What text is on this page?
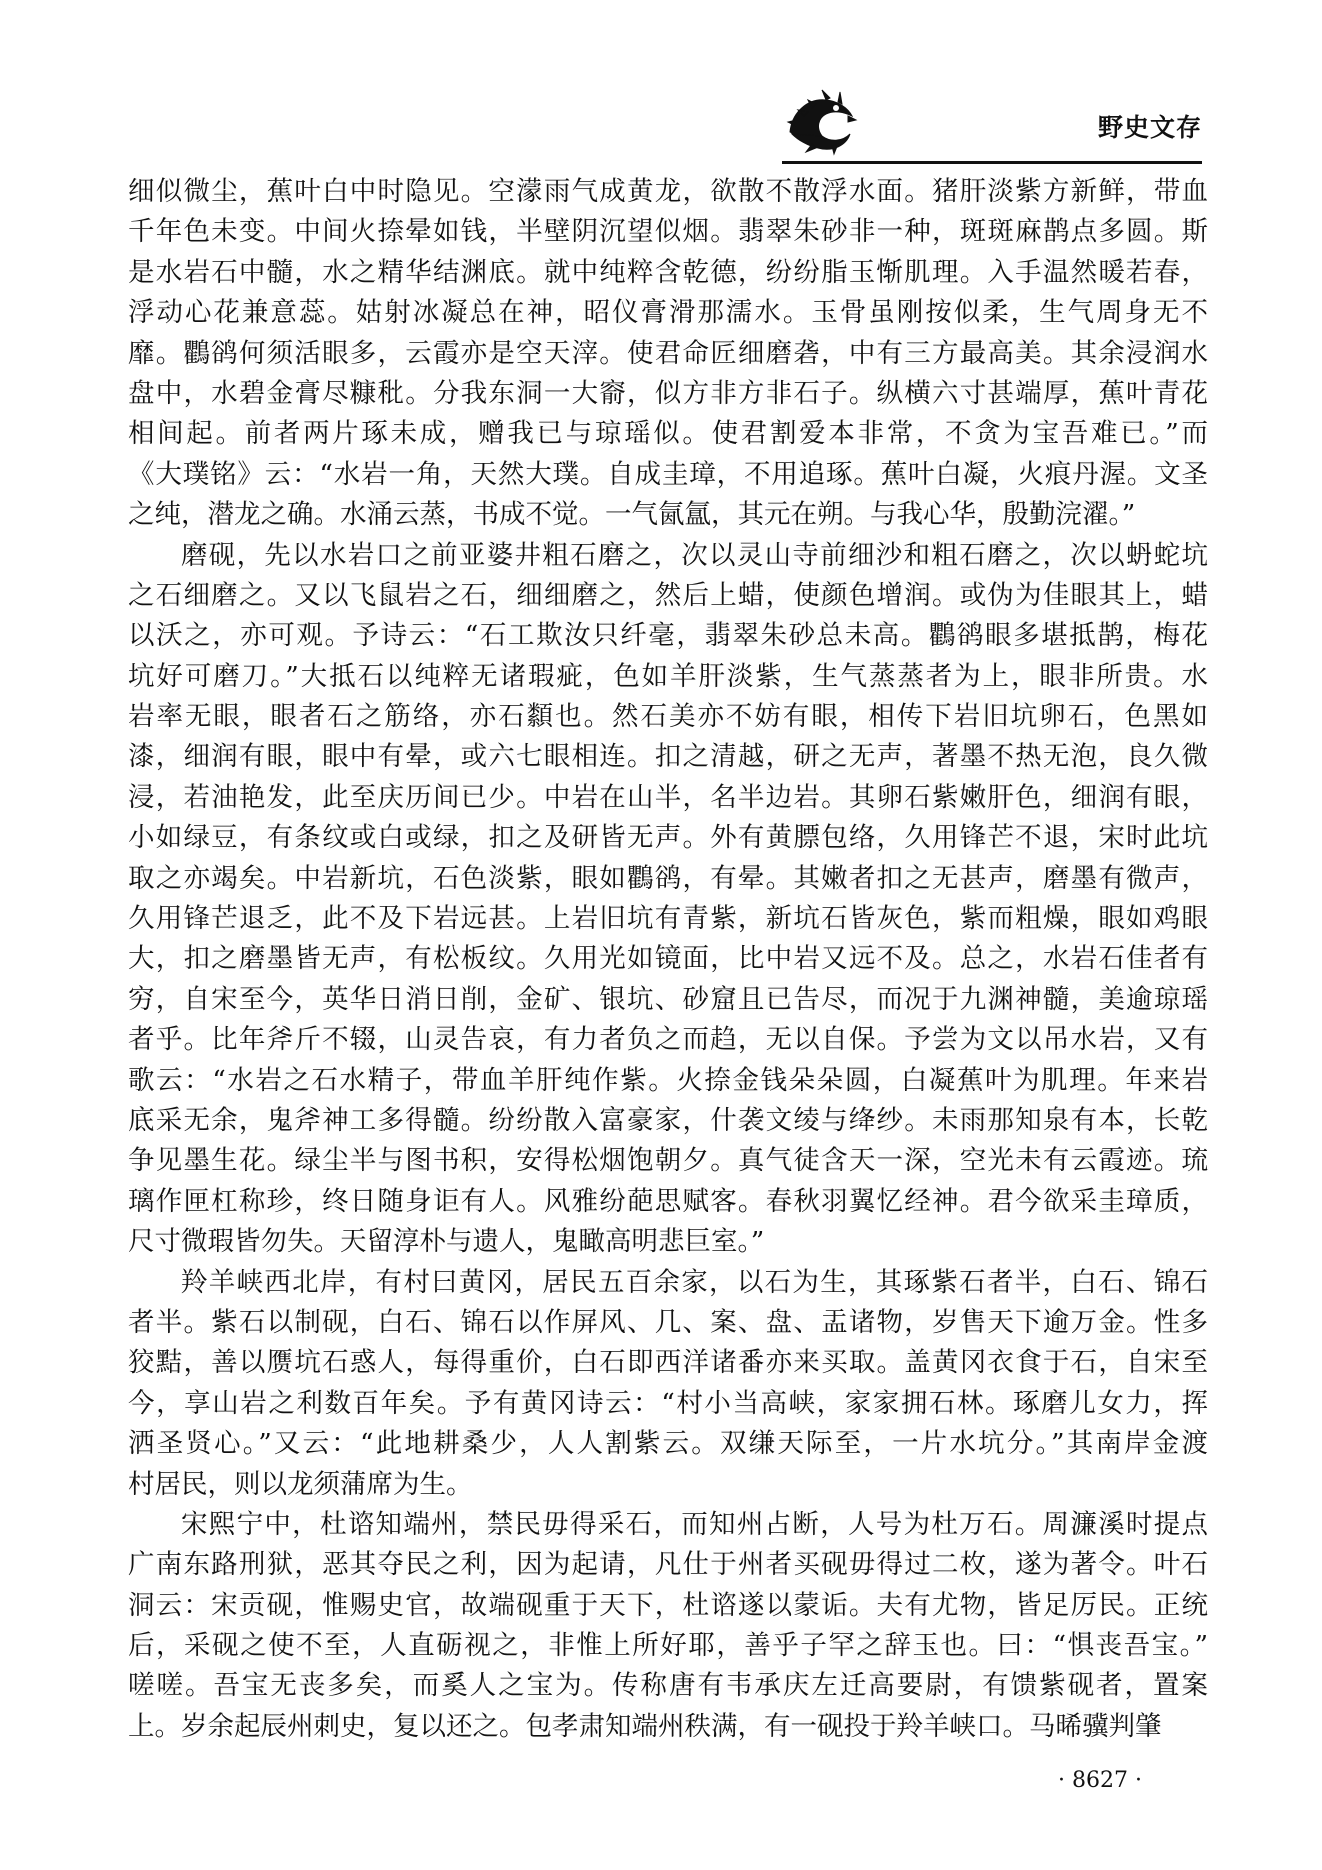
野史文存
细似微尘，蕉叶白中时隐见。空濛雨气成黄龙，欲散不散浮水面。猪肝淡紫方新鲜，带血
千年色未变。中间火捺晕如钱，半壁阴沉望似烟。翡翠朱砂非一种，斑斑麻鹊点多圆。斯
是水岩石中髓，水之精华结渊底。就中纯粹含乾德，纷纷脂玉惭肌理。入手温然暖若春，
浮动心花兼意蕊。姑射冰凝总在神，昭仪膏滑那濡水。玉骨虽刚按似柔，生气周身无不
靡。鸜鹆何须活眼多，云霞亦是空天滓。使君命匠细磨砻，中有三方最高美。其余浸润水
盘中，水碧金膏尽糠秕。分我东洞一大窬，似方非方非石子。纵横六寸甚端厚，蕉叶青花
相间起。前者两片琢未成，赠我已与琼瑶似。使君割爱本非常，不贪为宝吾难已。”而
《大璞铭》云：“水岩一角，天然大璞。自成圭璋，不用追琢。蕉叶白凝，火痕丹渥。文圣
之纯，潜龙之确。水涌云蒸，书成不觉。一气氤氲，其元在朔。与我心华，殷勤浣濯。”
磨砚，先以水岩口之前亚婆井粗石磨之，次以灵山寺前细沙和粗石磨之，次以蚒蛇坑
之石细磨之。又以飞鼠岩之石，细细磨之，然后上蜡，使颜色增润。或伪为佳眼其上，蜡
以沃之，亦可观。予诗云：“石工欺汝只纤毫，翡翠朱砂总未高。鸜鹆眼多堪抵鹊，梅花
坑好可磨刀。”大抵石以纯粹无诸瑕疵，色如羊肝淡紫，生气蒸蒸者为上，眼非所贵。水
岩率无眼，眼者石之筋络，亦石纇也。然石美亦不妨有眼，相传下岩旧坑卵石，色黑如
漆，细润有眼，眼中有晕，或六七眼相连。扣之清越，研之无声，著墨不热无泡，良久微
浸，若油艳发，此至庆历间已少。中岩在山半，名半边岩。其卵石紫嫩肝色，细润有眼，
小如绿豆，有条纹或白或绿，扣之及研皆无声。外有黄膘包络，久用锋芒不退，宋时此坑
取之亦竭矣。中岩新坑，石色淡紫，眼如鸜鹆，有晕。其嫩者扣之无甚声，磨墨有微声，
久用锋芒退乏，此不及下岩远甚。上岩旧坑有青紫，新坑石皆灰色，紫而粗燥，眼如鸡眼
大，扣之磨墨皆无声，有松板纹。久用光如镜面，比中岩又远不及。总之，水岩石佳者有
穷，自宋至今，英华日消日削，金矿、银坑、砂窟且已告尽，而况于九渊神髓，美逾琼瑶
者乎。比年斧斤不辍，山灵告哀，有力者负之而趋，无以自保。予尝为文以吊水岩，又有
歌云：“水岩之石水精子，带血羊肝纯作紫。火捺金钱朵朵圆，白凝蕉叶为肌理。年来岩
底采无余，鬼斧神工多得髓。纷纷散入富豪家，什袭文绫与绛纱。未雨那知泉有本，长乾
争见墨生花。绿尘半与图书积，安得松烟饱朝夕。真气徒含天一深，空光未有云霞迹。琉
璃作匣杠称珍，终日随身讵有人。风雅纷葩思赋客。春秋羽翼忆经神。君今欲采圭璋质，
尺寸微瑕皆勿失。天留淳朴与遗人，鬼瞰高明悲巨室。”
羚羊峡西北岸，有村曰黄冈，居民五百余家，以石为生，其琢紫石者半，白石、锦石
者半。紫石以制砚，白石、锦石以作屏风、几、案、盘、盂诸物，岁售天下逾万金。性多
狡黠，善以赝坑石惑人，每得重价，白石即西洋诸番亦来买取。盖黄冈衣食于石，自宋至
今，享山岩之利数百年矣。予有黄冈诗云：“村小当高峡，家家拥石林。琢磨儿女力，挥
洒圣贤心。”又云：“此地耕桑少，人人割紫云。双缣天际至，一片水坑分。”其南岸金渡
村居民，则以龙须蒲席为生。
宋熙宁中，杜谘知端州，禁民毋得采石，而知州占断，人号为杜万石。周濂溪时提点
广南东路刑狱，恶其夺民之利，因为起请，凡仕于州者买砚毋得过二枚，遂为著令。叶石
洞云：宋贡砚，惟赐史官，故端砚重于天下，杜谘遂以蒙诟。夫有尤物，皆足厉民。正统
后，采砚之使不至，人直砺视之，非惟上所好耶，善乎子罕之辞玉也。曰：“惧丧吾宝。”
嗟嗟。吾宝无丧多矣，而奚人之宝为。传称唐有韦承庆左迁高要尉，有馈紫砚者，置案
上。岁余起辰州刺史，复以还之。包孝肃知端州秩满，有一砚投于羚羊峡口。马晞骥判肇
· 8627 ·
